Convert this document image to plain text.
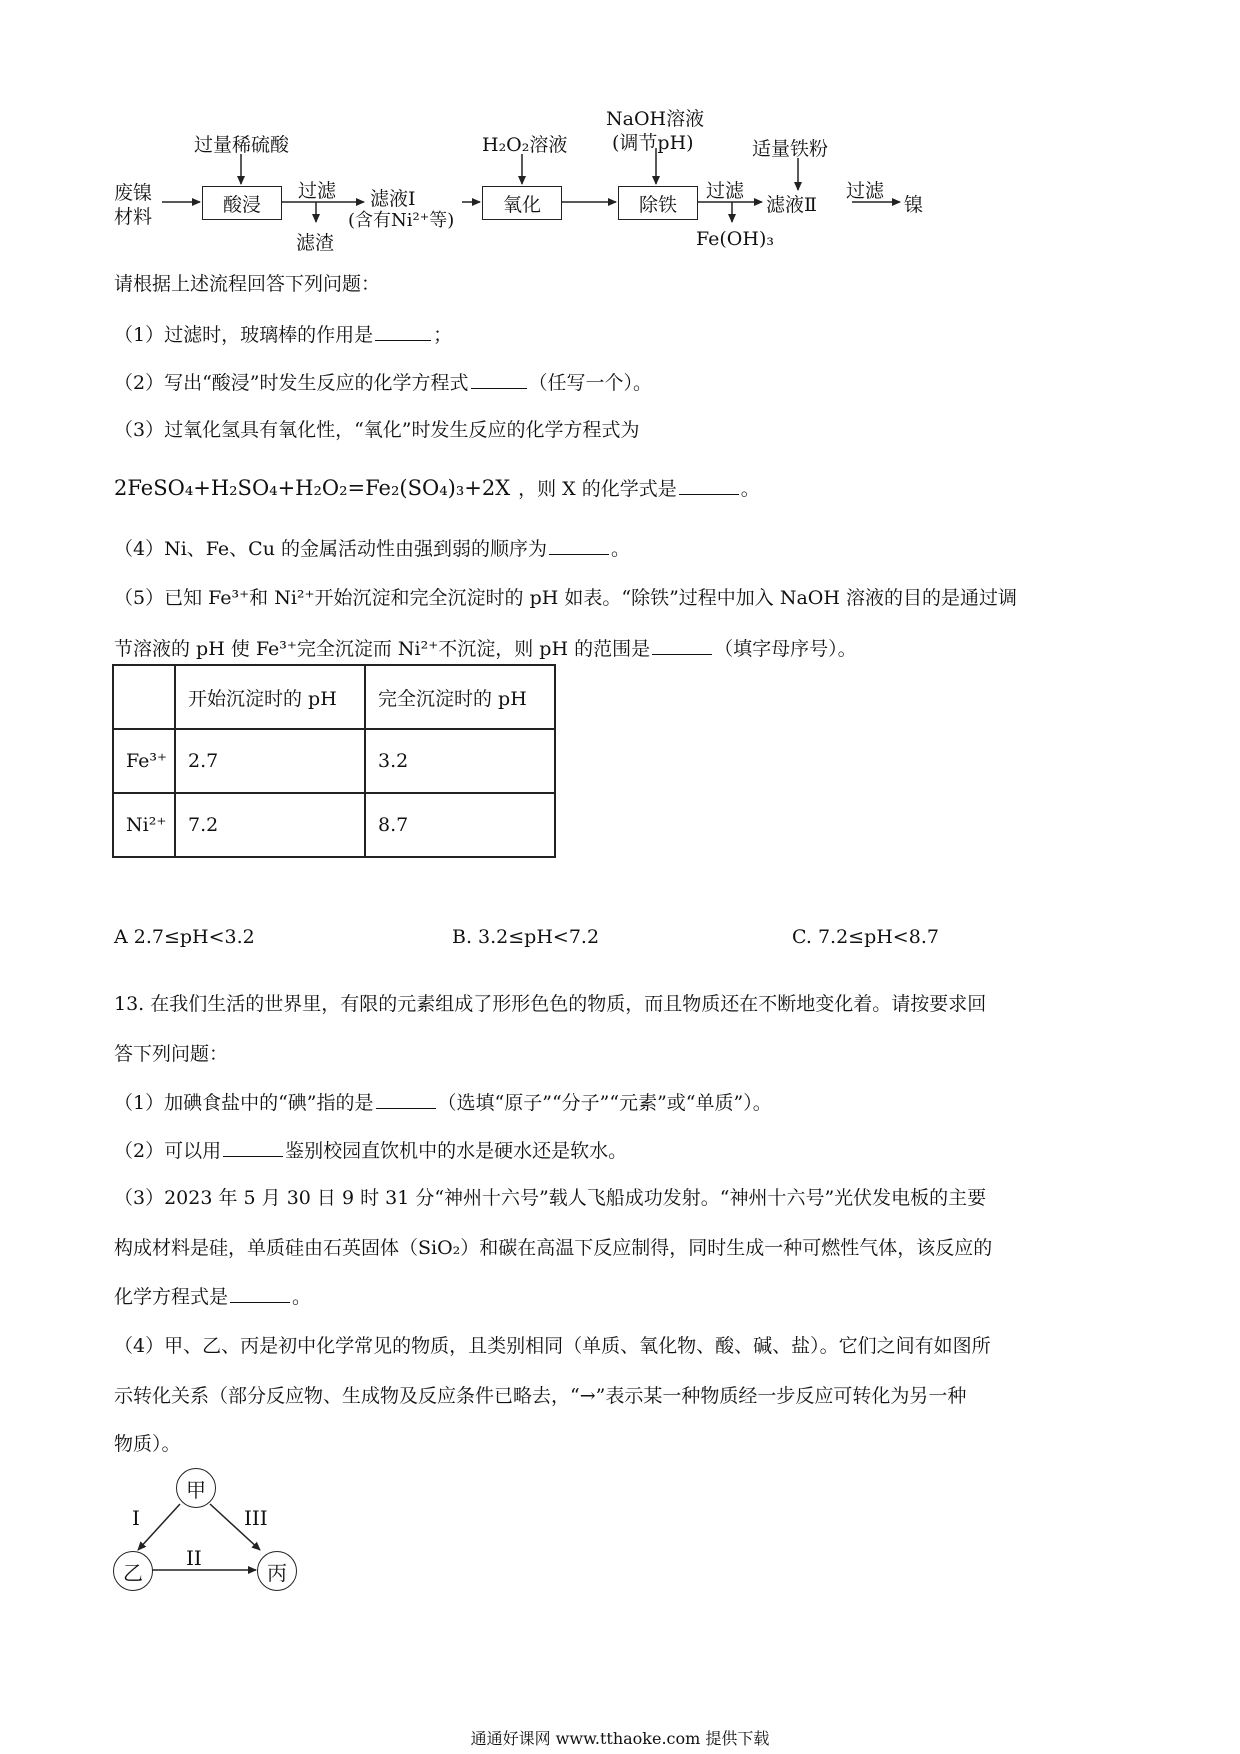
废镍
材料
过量稀硫酸
酸浸
过滤
滤渣
滤液Ⅰ
(含有Ni²⁺等)
H₂O₂溶液
氧化
NaOH溶液
(调节pH)
除铁
过滤
Fe(OH)₃
适量铁粉
滤液Ⅱ
过滤
镍
请根据上述流程回答下列问题：
（1）过滤时，玻璃棒的作用是	；
（2）写出“酸浸”时发生反应的化学方程式	（任写一个）。
（3）过氧化氢具有氧化性，“氧化”时发生反应的化学方程式为
2FeSO₄+H₂SO₄+H₂O₂=Fe₂(SO₄)₃+2X ，则 X 的化学式是	。
（4）Ni、Fe、Cu 的金属活动性由强到弱的顺序为	。
（5）已知 Fe³⁺和 Ni²⁺开始沉淀和完全沉淀时的 pH 如表。“除铁”过程中加入 NaOH 溶液的目的是通过调
节溶液的 pH 使 Fe³⁺完全沉淀而 Ni²⁺不沉淀，则 pH 的范围是	（填字母序号）。
	开始沉淀时的 pH	完全沉淀时的 pH
Fe³⁺	2.7	3.2
Ni²⁺	7.2	8.7
A 2.7≤pH<3.2	B. 3.2≤pH<7.2	C. 7.2≤pH<8.7
13. 在我们生活的世界里，有限的元素组成了形形色色的物质，而且物质还在不断地变化着。请按要求回
答下列问题：
（1）加碘食盐中的“碘”指的是	（选填“原子”“分子”“元素”或“单质”）。
（2）可以用	鉴别校园直饮机中的水是硬水还是软水。
（3）2023 年 5 月 30 日 9 时 31 分“神州十六号”载人飞船成功发射。“神州十六号”光伏发电板的主要
构成材料是硅，单质硅由石英固体（SiO₂）和碳在高温下反应制得，同时生成一种可燃性气体，该反应的
化学方程式是	。
（4）甲、乙、丙是初中化学常见的物质，且类别相同（单质、氧化物、酸、碱、盐）。它们之间有如图所
示转化关系（部分反应物、生成物及反应条件已略去，“→”表示某一种物质经一步反应可转化为另一种
物质）。
甲
乙	丙
I
II
III
通通好课网 www.tthaoke.com 提供下载
